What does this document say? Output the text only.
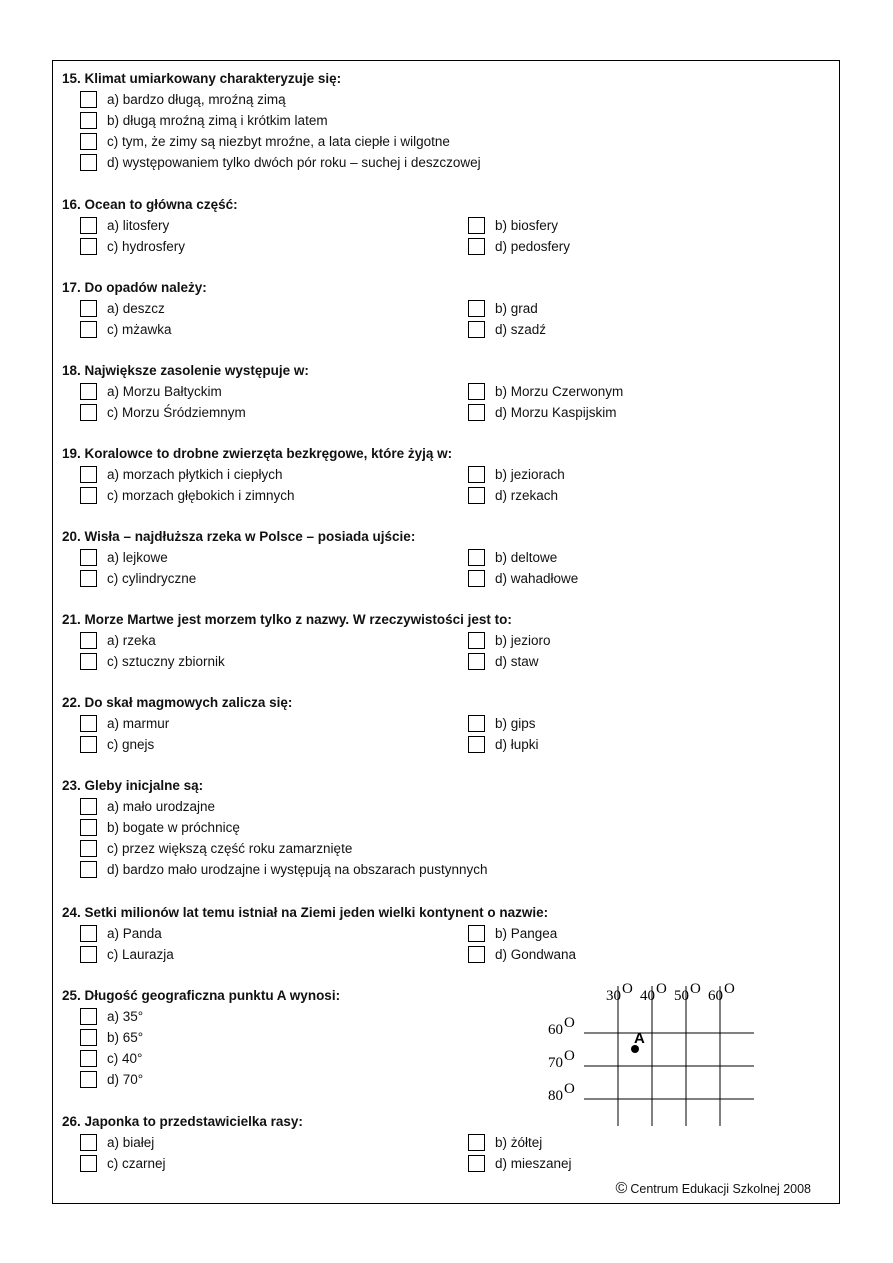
15. Klimat umiarkowany charakteryzuje się:
a) bardzo długą, mroźną zimą
b) długą mroźną zimą i krótkim latem
c) tym, że zimy są niezbyt mroźne, a lata ciepłe i wilgotne
d) występowaniem tylko dwóch pór roku – suchej i deszczowej
16. Ocean to główna część:
a) litosfery	b) biosfery
c) hydrosfery	d) pedosfery
17. Do opadów należy:
a) deszcz	b) grad
c) mżawka	d) szadź
18. Największe zasolenie występuje w:
a) Morzu Bałtyckim	b) Morzu Czerwonym
c) Morzu Śródziemnym	d) Morzu Kaspijskim
19. Koralowce to drobne zwierzęta bezkręgowe, które żyją w:
a) morzach płytkich i ciepłych	b) jeziorach
c) morzach głębokich i zimnych	d) rzekach
20. Wisła – najdłuższa rzeka w Polsce – posiada ujście:
a) lejkowe	b) deltowe
c) cylindryczne	d) wahadłowe
21. Morze Martwe jest morzem tylko z nazwy. W rzeczywistości jest to:
a) rzeka	b) jezioro
c) sztuczny zbiornik	d) staw
22. Do skał magmowych zalicza się:
a) marmur	b) gips
c) gnejs	d) łupki
23. Gleby inicjalne są:
a) mało urodzajne
b) bogate w próchnicę
c) przez większą część roku zamarznięte
d) bardzo mało urodzajne i występują na obszarach pustynnych
24. Setki milionów lat temu istniał na Ziemi jeden wielki kontynent o nazwie:
a) Panda	b) Pangea
c) Laurazja	d) Gondwana
25. Długość geograficzna punktu A wynosi:
a) 35°
b) 65°
c) 40°
d) 70°
26. Japonka to przedstawicielka rasy:
a) białej	b) żółtej
c) czarnej	d) mieszanej
30 O 40 O 50 O 60 O
60 O
70 O
80 O
A
© Centrum Edukacji Szkolnej 2008
